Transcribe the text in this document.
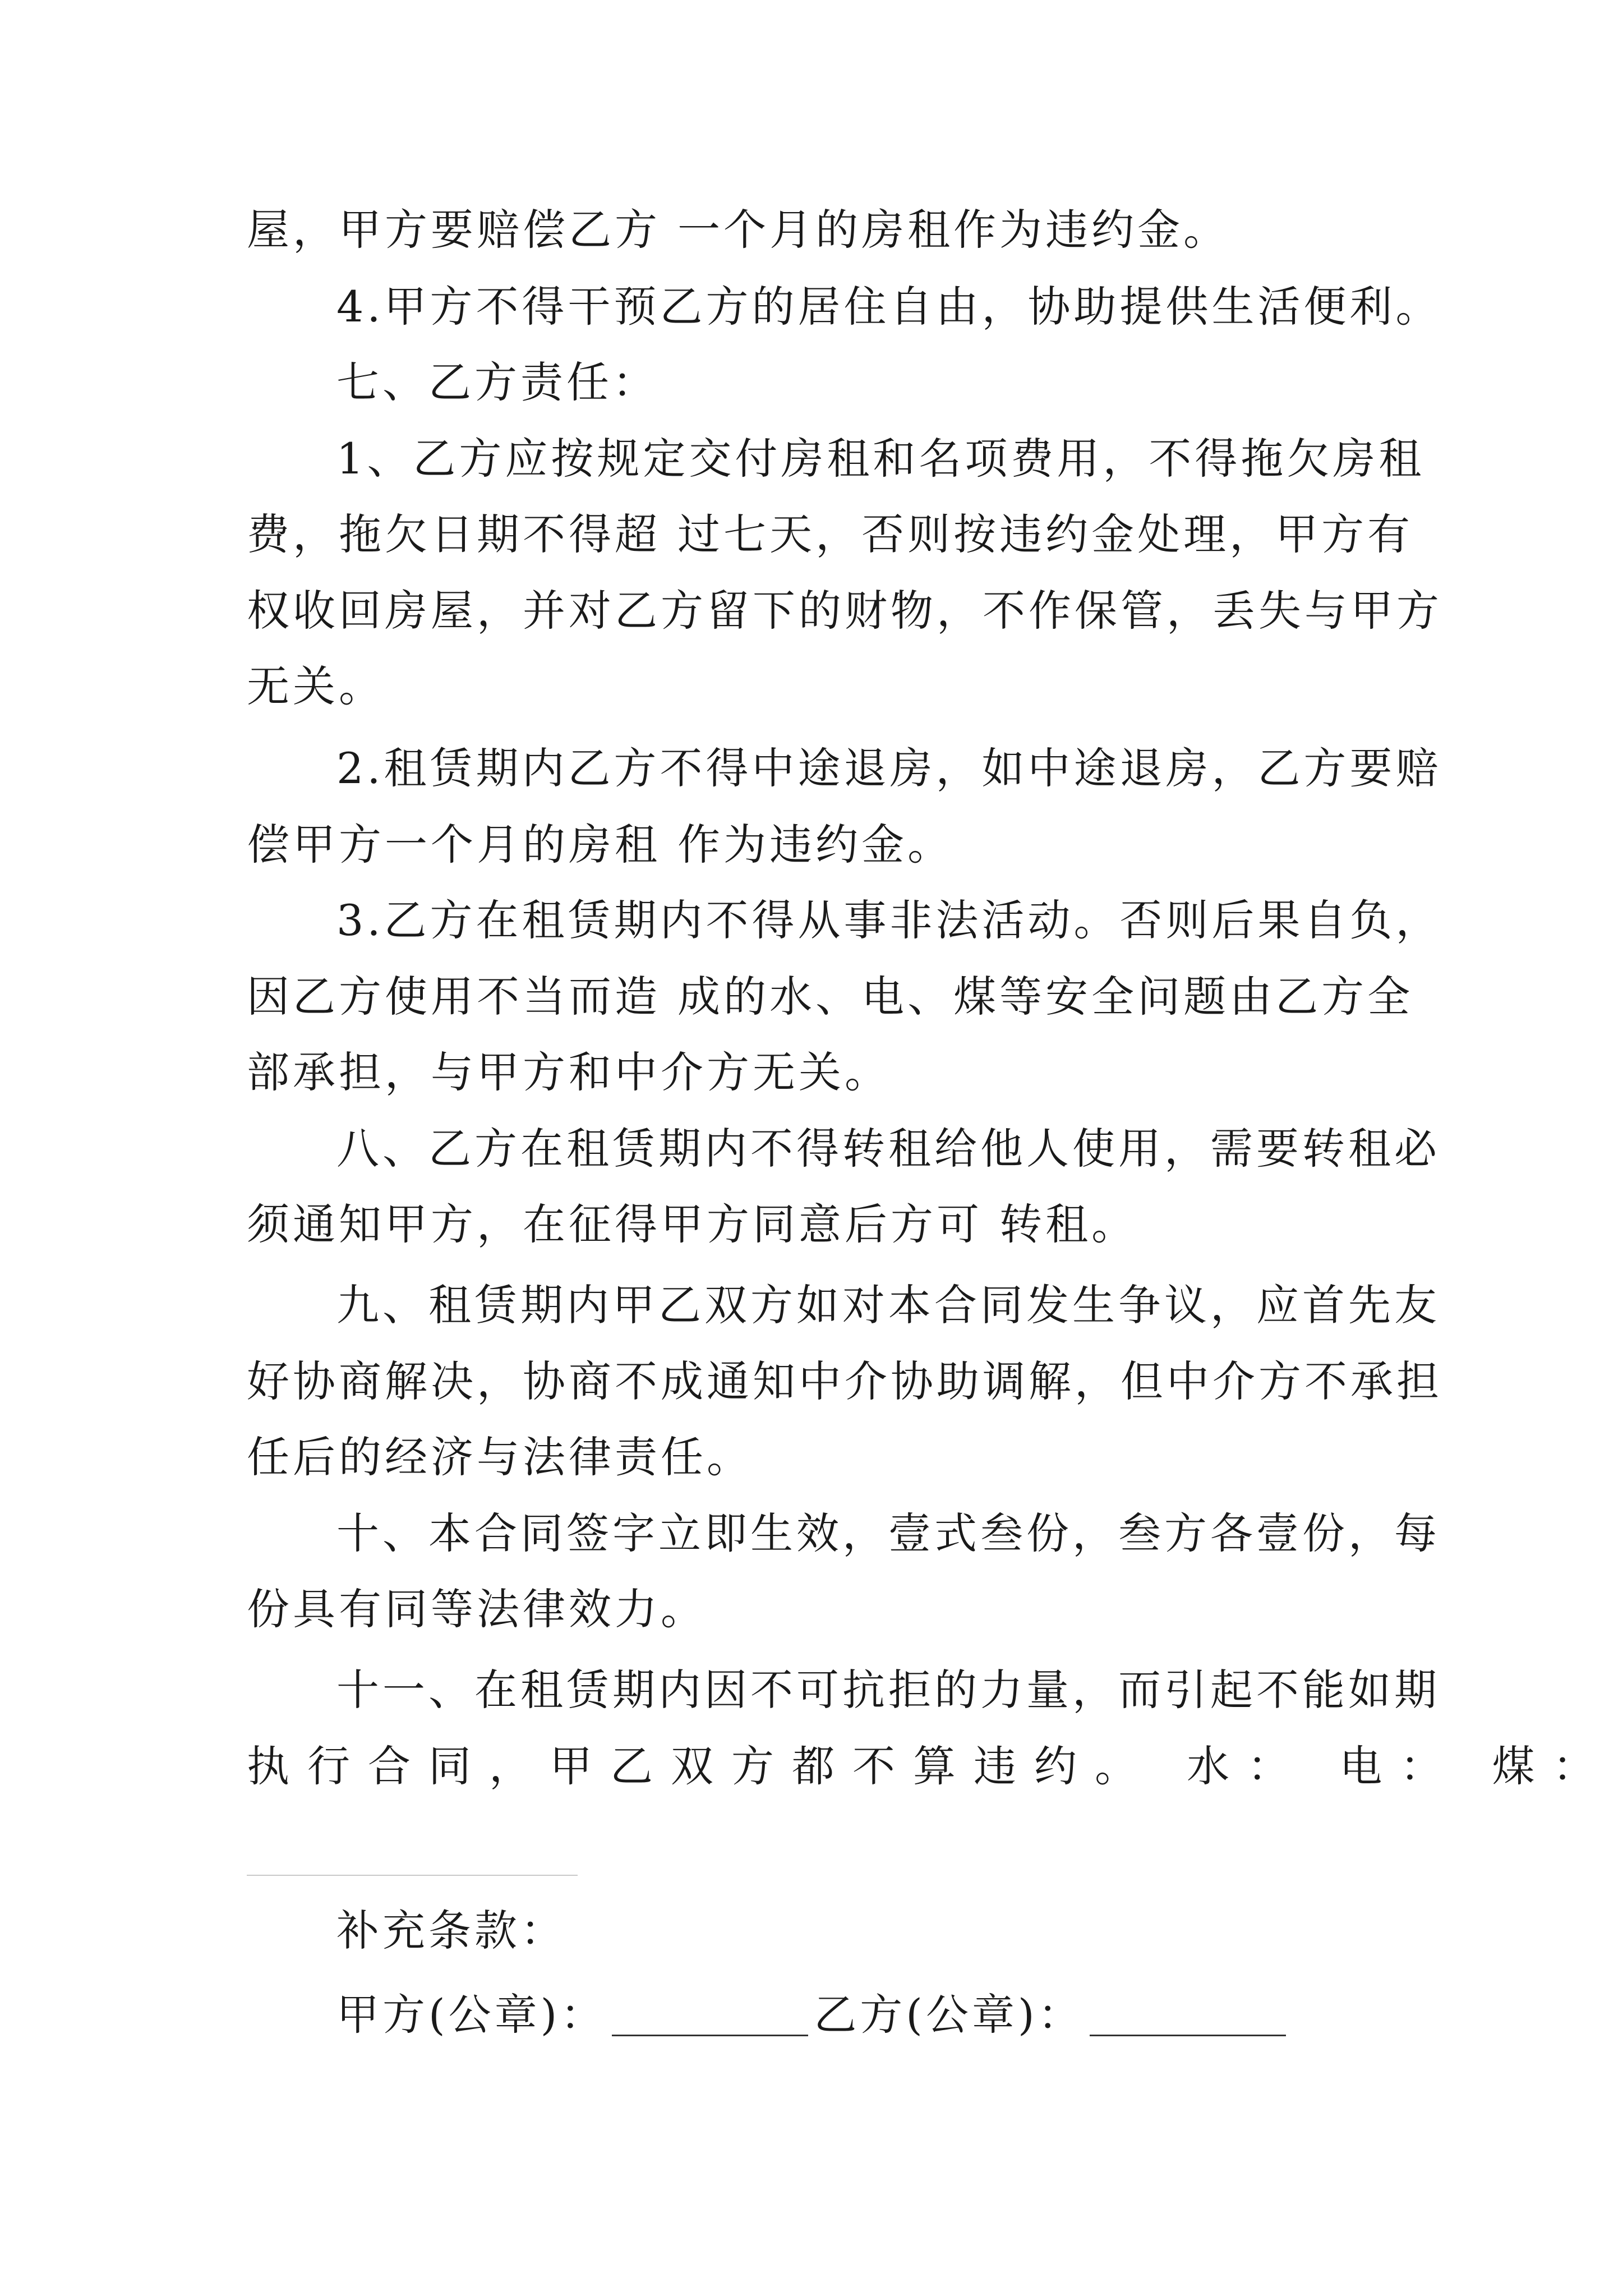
屋，甲方要赔偿乙方 一个月的房租作为违约金。
4.甲方不得干预乙方的居住自由，协助提供生活便利。
七、乙方责任：
1、乙方应按规定交付房租和名项费用，不得拖欠房租
费，拖欠日期不得超 过七天，否则按违约金处理，甲方有
权收回房屋，并对乙方留下的财物，不作保管，丢失与甲方
无关。
2.租赁期内乙方不得中途退房，如中途退房，乙方要赔
偿甲方一个月的房租 作为违约金。
3.乙方在租赁期内不得从事非法活动。否则后果自负，
因乙方使用不当而造 成的水、电、煤等安全问题由乙方全
部承担，与甲方和中介方无关。
八、乙方在租赁期内不得转租给他人使用，需要转租必
须通知甲方，在征得甲方同意后方可 转租。
九、租赁期内甲乙双方如对本合同发生争议，应首先友
好协商解决，协商不成通知中介协助调解，但中介方不承担
任后的经济与法律责任。
十、本合同签字立即生效，壹式叁份，叁方各壹份，每
份具有同等法律效力。
十一、在租赁期内因不可抗拒的力量，而引起不能如期
执行合同，甲乙双方都不算违约。 水： 电： 煤：
补充条款：
甲方(公章)：	乙方(公章)：
